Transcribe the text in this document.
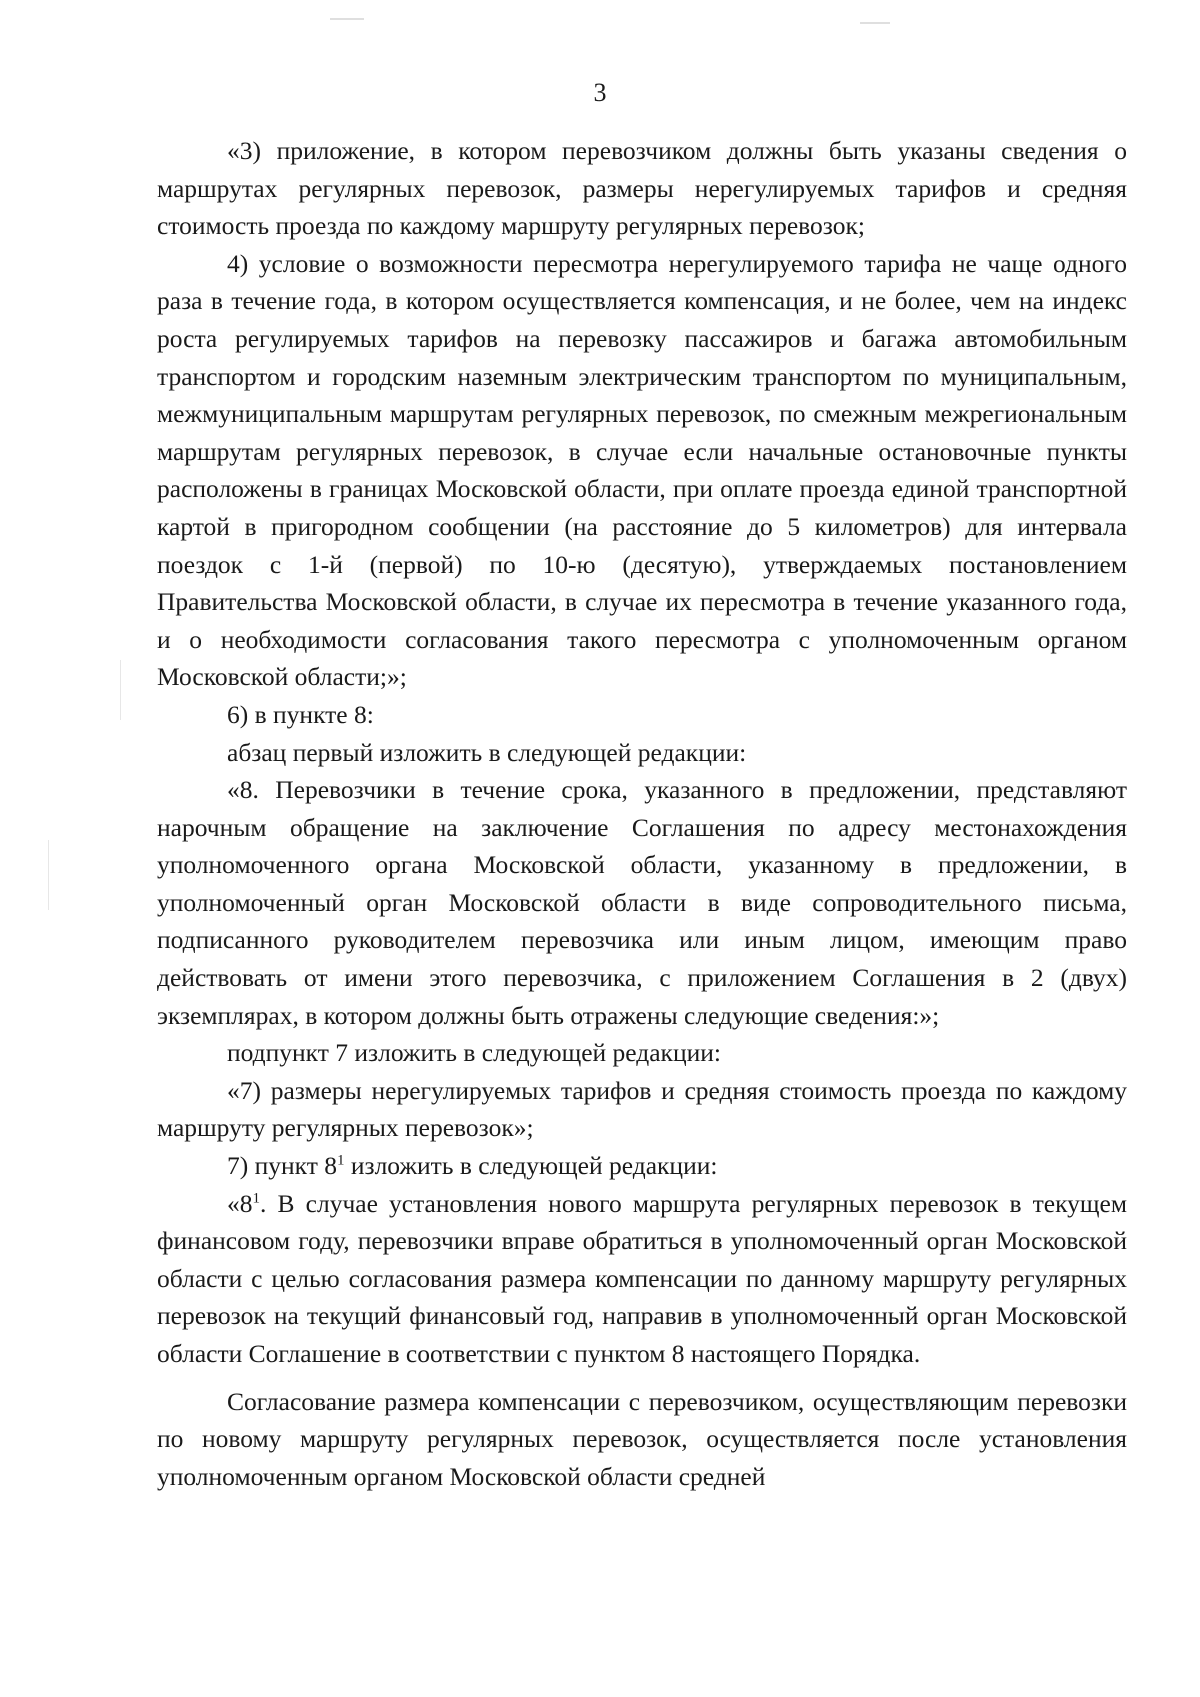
3

«3) приложение, в котором перевозчиком должны быть указаны сведения о маршрутах регулярных перевозок, размеры нерегулируемых тарифов и средняя стоимость проезда по каждому маршруту регулярных перевозок;

4) условие о возможности пересмотра нерегулируемого тарифа не чаще одного раза в течение года, в котором осуществляется компенсация, и не более, чем на индекс роста регулируемых тарифов на перевозку пассажиров и багажа автомобильным транспортом и городским наземным электрическим транспортом по муниципальным, межмуниципальным маршрутам регулярных перевозок, по смежным межрегиональным маршрутам регулярных перевозок, в случае если начальные остановочные пункты расположены в границах Московской области, при оплате проезда единой транспортной картой в пригородном сообщении (на расстояние до 5 километров) для интервала поездок с 1-й (первой) по 10-ю (десятую), утверждаемых постановлением Правительства Московской области, в случае их пересмотра в течение указанного года, и о необходимости согласования такого пересмотра с уполномоченным органом Московской области;»;

6) в пункте 8:

абзац первый изложить в следующей редакции:

«8. Перевозчики в течение срока, указанного в предложении, представляют нарочным обращение на заключение Соглашения по адресу местонахождения уполномоченного органа Московской области, указанному в предложении, в уполномоченный орган Московской области в виде сопроводительного письма, подписанного руководителем перевозчика или иным лицом, имеющим право действовать от имени этого перевозчика, с приложением Соглашения в 2 (двух) экземплярах, в котором должны быть отражены следующие сведения:»;

подпункт 7 изложить в следующей редакции:

«7) размеры нерегулируемых тарифов и средняя стоимость проезда по каждому маршруту регулярных перевозок»;

7) пункт $8^1$ изложить в следующей редакции:

«$8^1$. В случае установления нового маршрута регулярных перевозок в текущем финансовом году, перевозчики вправе обратиться в уполномоченный орган Московской области с целью согласования размера компенсации по данному маршруту регулярных перевозок на текущий финансовый год, направив в уполномоченный орган Московской области Соглашение в соответствии с пунктом 8 настоящего Порядка.

Согласование размера компенсации с перевозчиком, осуществляющим перевозки по новому маршруту регулярных перевозок, осуществляется после установления уполномоченным органом Московской области средней
